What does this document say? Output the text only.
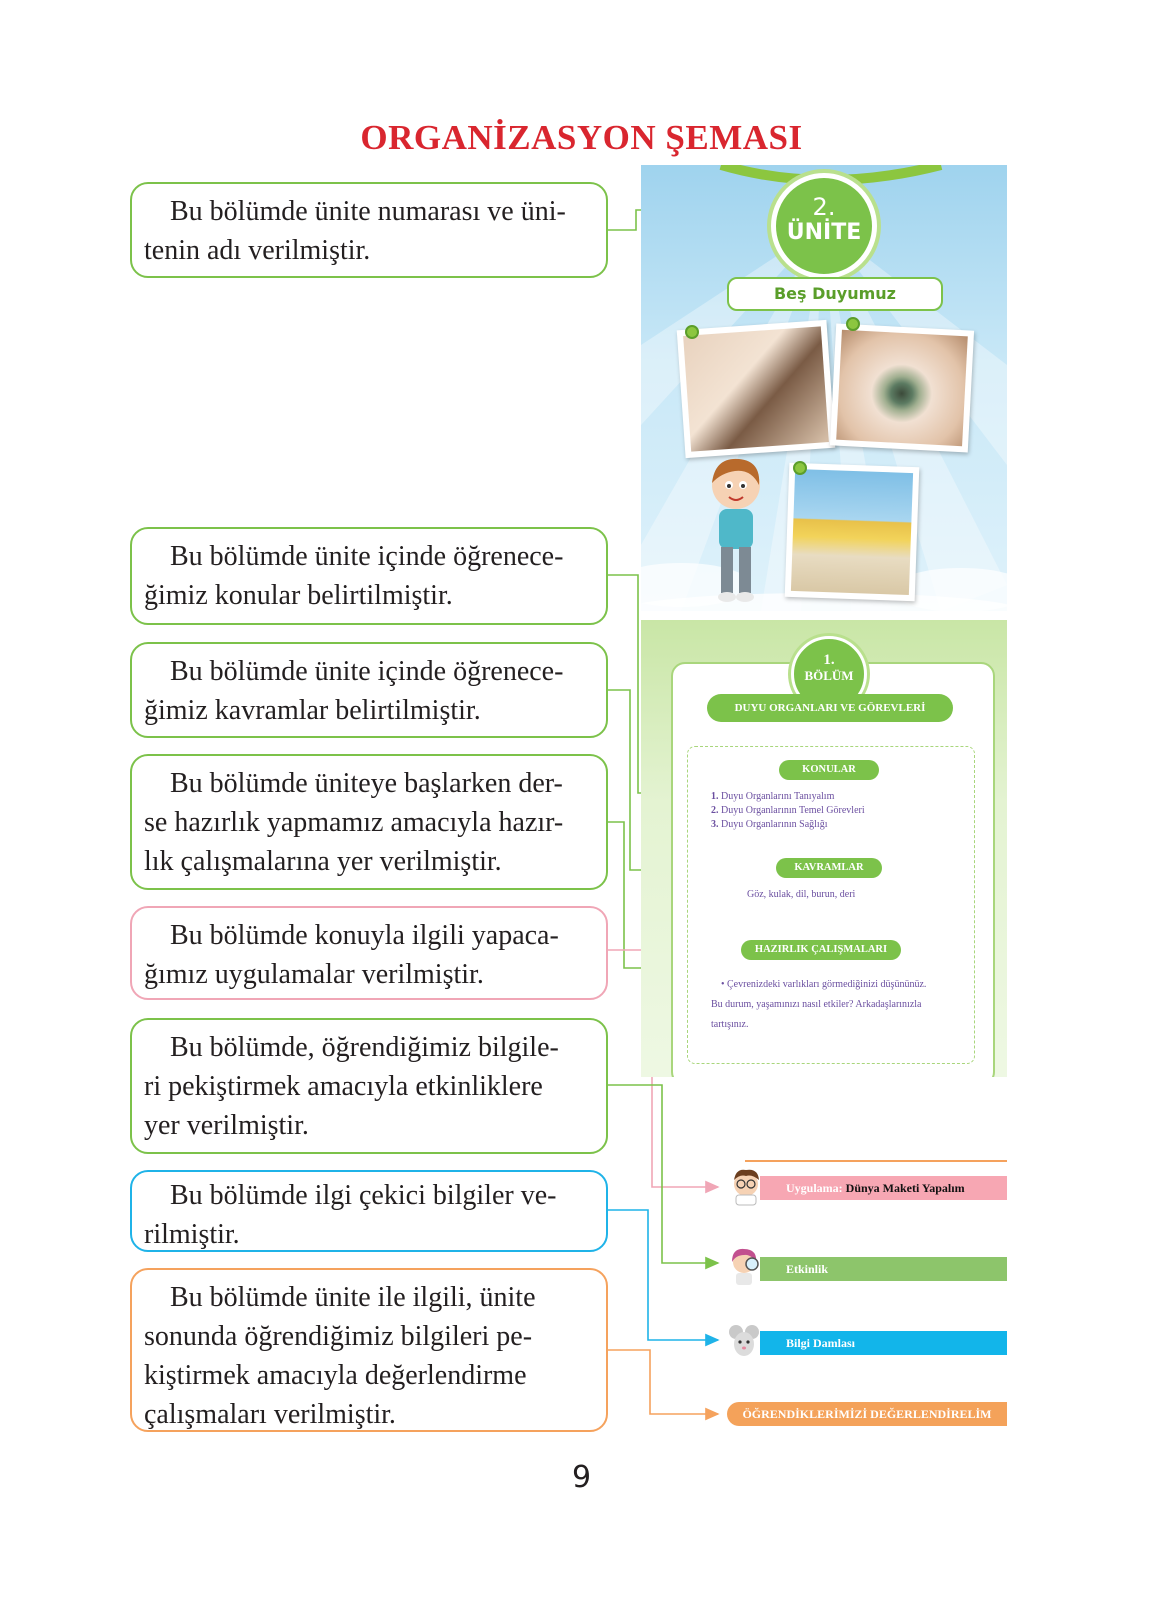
ORGANİZASYON ŞEMASI

Bu bölümde ünite numarası ve üni-

tenin adı verilmiştir.

Bu bölümde ünite içinde öğrenece-

ğimiz konular belirtilmiştir.

Bu bölümde ünite içinde öğrenece-

ğimiz kavramlar belirtilmiştir.

Bu bölümde üniteye başlarken der-

se hazırlık yapmamız amacıyla hazır-
lık çalışmalarına yer verilmiştir.

Bu bölümde konuyla ilgili yapaca-

ğımız uygulamalar verilmiştir.

Bu bölümde, öğrendiğimiz bilgile-

ri pekiştirmek amacıyla etkinliklere
yer verilmiştir.

Bu bölümde ilgi çekici bilgiler ve-

rilmiştir.

Bu bölümde ünite ile ilgili, ünite

sonunda öğrendiğimiz bilgileri pe-
kiştirmek amacıyla değerlendirme
çalışmaları verilmiştir.
2.
ÜNİTE
Beş Duyumuz
1.
BÖLÜM
DUYU ORGANLARI VE GÖREVLERİ
KONULAR
1. Duyu Organlarını Tanıyalım
2. Duyu Organlarının Temel Görevleri
3. Duyu Organlarının Sağlığı
KAVRAMLAR
Göz, kulak, dil, burun, deri
HAZIRLIK ÇALIŞMALARI
• Çevrenizdeki varlıkları görmediğinizi düşününüz.
Bu durum, yaşamınızı nasıl etkiler? Arkadaşlarınızla
tartışınız.
Uygulama: Dünya Maketi Yapalım
Etkinlik
Bilgi Damlası
ÖĞRENDİKLERİMİZİ DEĞERLENDİRELİM
9
